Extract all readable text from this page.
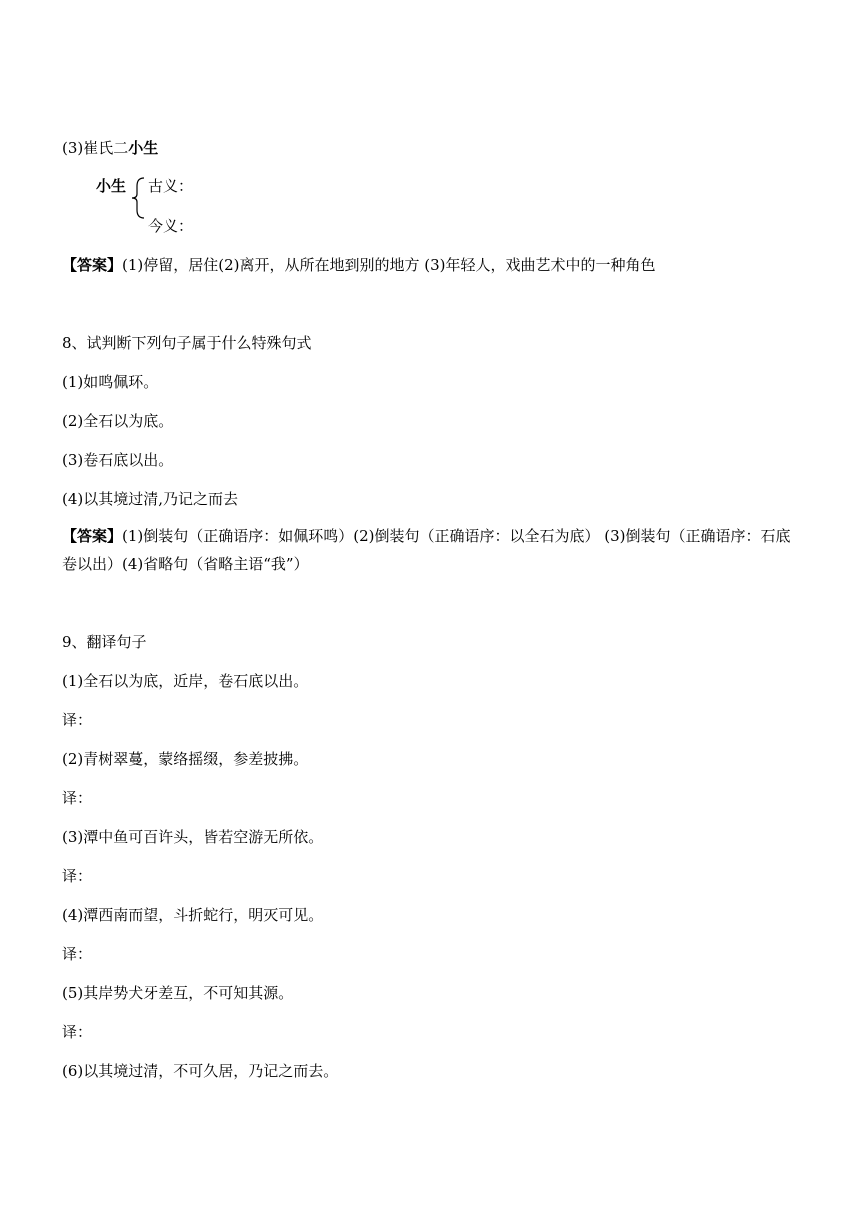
(3)崔氏二小生
小生 古义：
今义：
【答案】(1)停留，居住(2)离开，从所在地到别的地方 (3)年轻人，戏曲艺术中的一种角色
8、试判断下列句子属于什么特殊句式
(1)如鸣佩环。
(2)全石以为底。
(3)卷石底以出。
(4)以其境过清,乃记之而去
【答案】(1)倒装句（正确语序：如佩环鸣）(2)倒装句（正确语序：以全石为底） (3)倒装句（正确语序：石底卷以出）(4)省略句（省略主语“我”）
9、翻译句子
(1)全石以为底，近岸，卷石底以出。
译：
(2)青树翠蔓，蒙络摇缀，参差披拂。
译：
(3)潭中鱼可百许头，皆若空游无所依。
译：
(4)潭西南而望，斗折蛇行，明灭可见。
译：
(5)其岸势犬牙差互，不可知其源。
译：
(6)以其境过清，不可久居，乃记之而去。
